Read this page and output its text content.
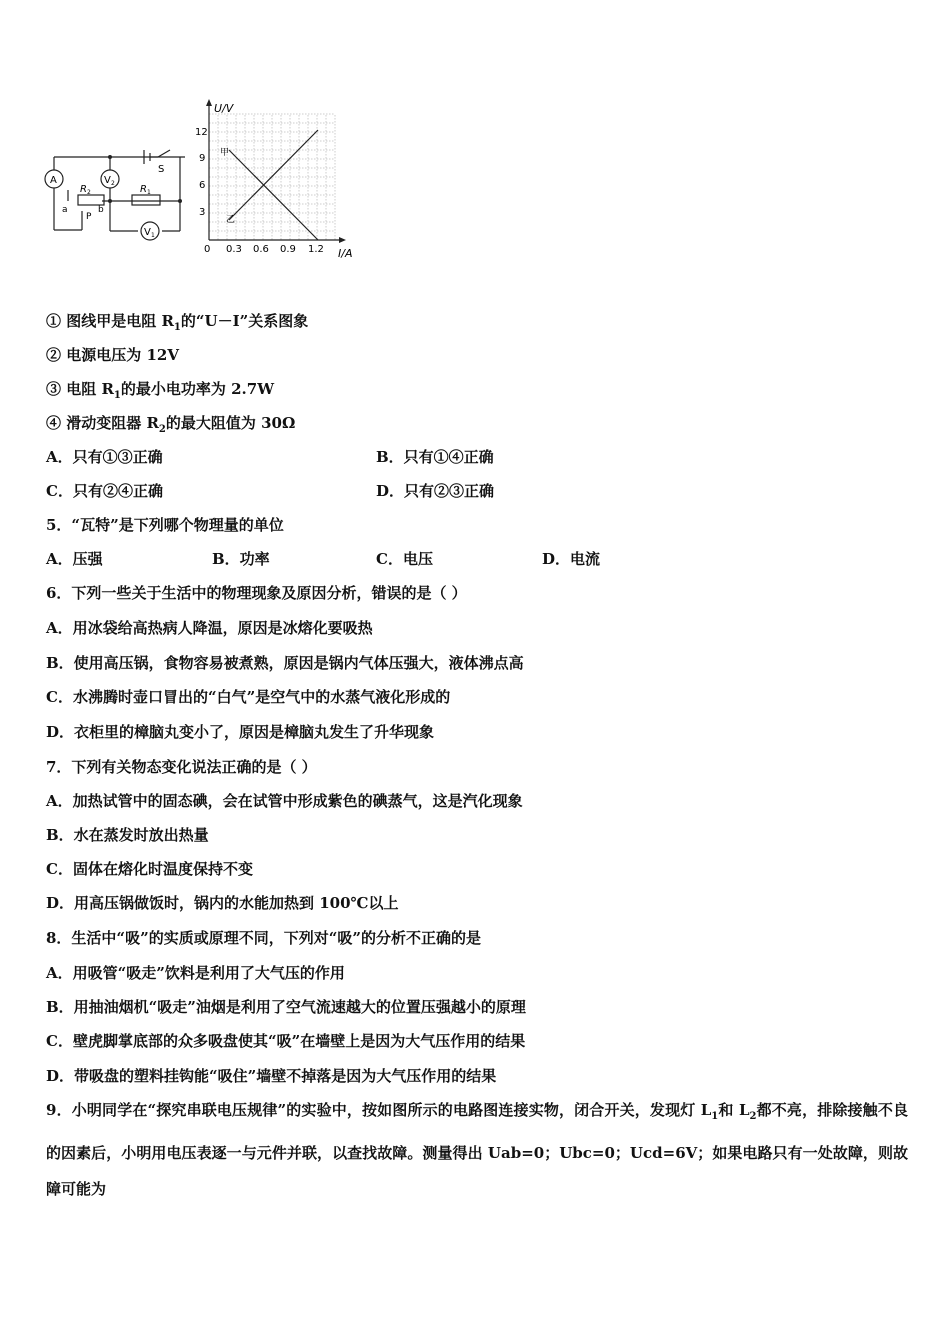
A	V 2
V 1
R 2	R 1
S
a	b
P
U/V
I/A
12
9
6
3
0 0.3 0.6 0.9 1.2
甲
乙
① 图线甲是电阻 $R_1$的“U－I”关系图象
② 电源电压为 12V
③ 电阻 $R_1$的最小电功率为 2.7W
④ 滑动变阻器 $R_2$的最大阻值为 30Ω
A．只有①③正确	B．只有①④正确
C．只有②④正确	D．只有②③正确
5．“瓦特”是下列哪个物理量的单位
A．压强	B．功率	C．电压	D．电流
6．下列一些关于生活中的物理现象及原因分析，错误的是（ ）
A．用冰袋给高热病人降温，原因是冰熔化要吸热
B．使用高压锅，食物容易被煮熟，原因是锅内气体压强大，液体沸点高
C．水沸腾时壶口冒出的“白气”是空气中的水蒸气液化形成的
D．衣柜里的樟脑丸变小了，原因是樟脑丸发生了升华现象
7．下列有关物态变化说法正确的是（ ）
A．加热试管中的固态碘，会在试管中形成紫色的碘蒸气，这是汽化现象
B．水在蒸发时放出热量
C．固体在熔化时温度保持不变
D．用高压锅做饭时，锅内的水能加热到 100℃以上
8．生活中“吸”的实质或原理不同，下列对“吸”的分析不正确的是
A．用吸管“吸走”饮料是利用了大气压的作用
B．用抽油烟机“吸走”油烟是利用了空气流速越大的位置压强越小的原理
C．壁虎脚掌底部的众多吸盘使其“吸”在墙壁上是因为大气压作用的结果
D．带吸盘的塑料挂钩能“吸住”墙壁不掉落是因为大气压作用的结果
9．小明同学在“探究串联电压规律”的实验中，按如图所示的电路图连接实物，闭合开关，发现灯 $L_1$和 $L_2$都不亮，排除接触不良的因素后，小明用电压表逐一与元件并联，以查找故障。测量得出 Uab=0；Ubc=0；Ucd=6V；如果电路只有一处故障，则故障可能为
